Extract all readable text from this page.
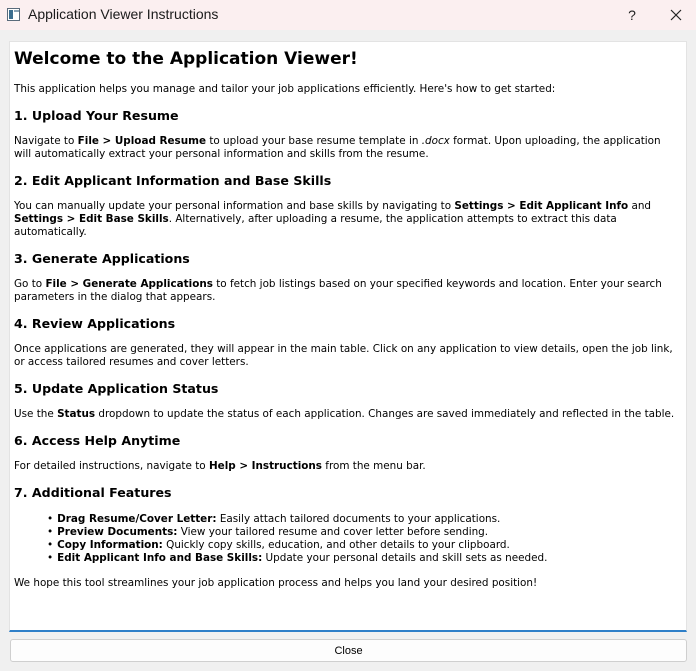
Application Viewer Instructions	?
Welcome to the Application Viewer!

This application helps you manage and tailor your job applications efficiently. Here's how to get started:

1. Upload Your Resume

Navigate to File > Upload Resume to upload your base resume template in .docx format. Upon uploading, the application will automatically extract your personal information and skills from the resume.

2. Edit Applicant Information and Base Skills

You can manually update your personal information and base skills by navigating to Settings > Edit Applicant Info and Settings > Edit Base Skills. Alternatively, after uploading a resume, the application attempts to extract this data automatically.

3. Generate Applications

Go to File > Generate Applications to fetch job listings based on your specified keywords and location. Enter your search parameters in the dialog that appears.

4. Review Applications

Once applications are generated, they will appear in the main table. Click on any application to view details, open the job link, or access tailored resumes and cover letters.

5. Update Application Status

Use the Status dropdown to update the status of each application. Changes are saved immediately and reflected in the table.

6. Access Help Anytime

For detailed instructions, navigate to Help > Instructions from the menu bar.

7. Additional Features
• Drag Resume/Cover Letter: Easily attach tailored documents to your applications.
• Preview Documents: View your tailored resume and cover letter before sending.
• Copy Information: Quickly copy skills, education, and other details to your clipboard.
• Edit Applicant Info and Base Skills: Update your personal details and skill sets as needed.

We hope this tool streamlines your job application process and helps you land your desired position!

Close
